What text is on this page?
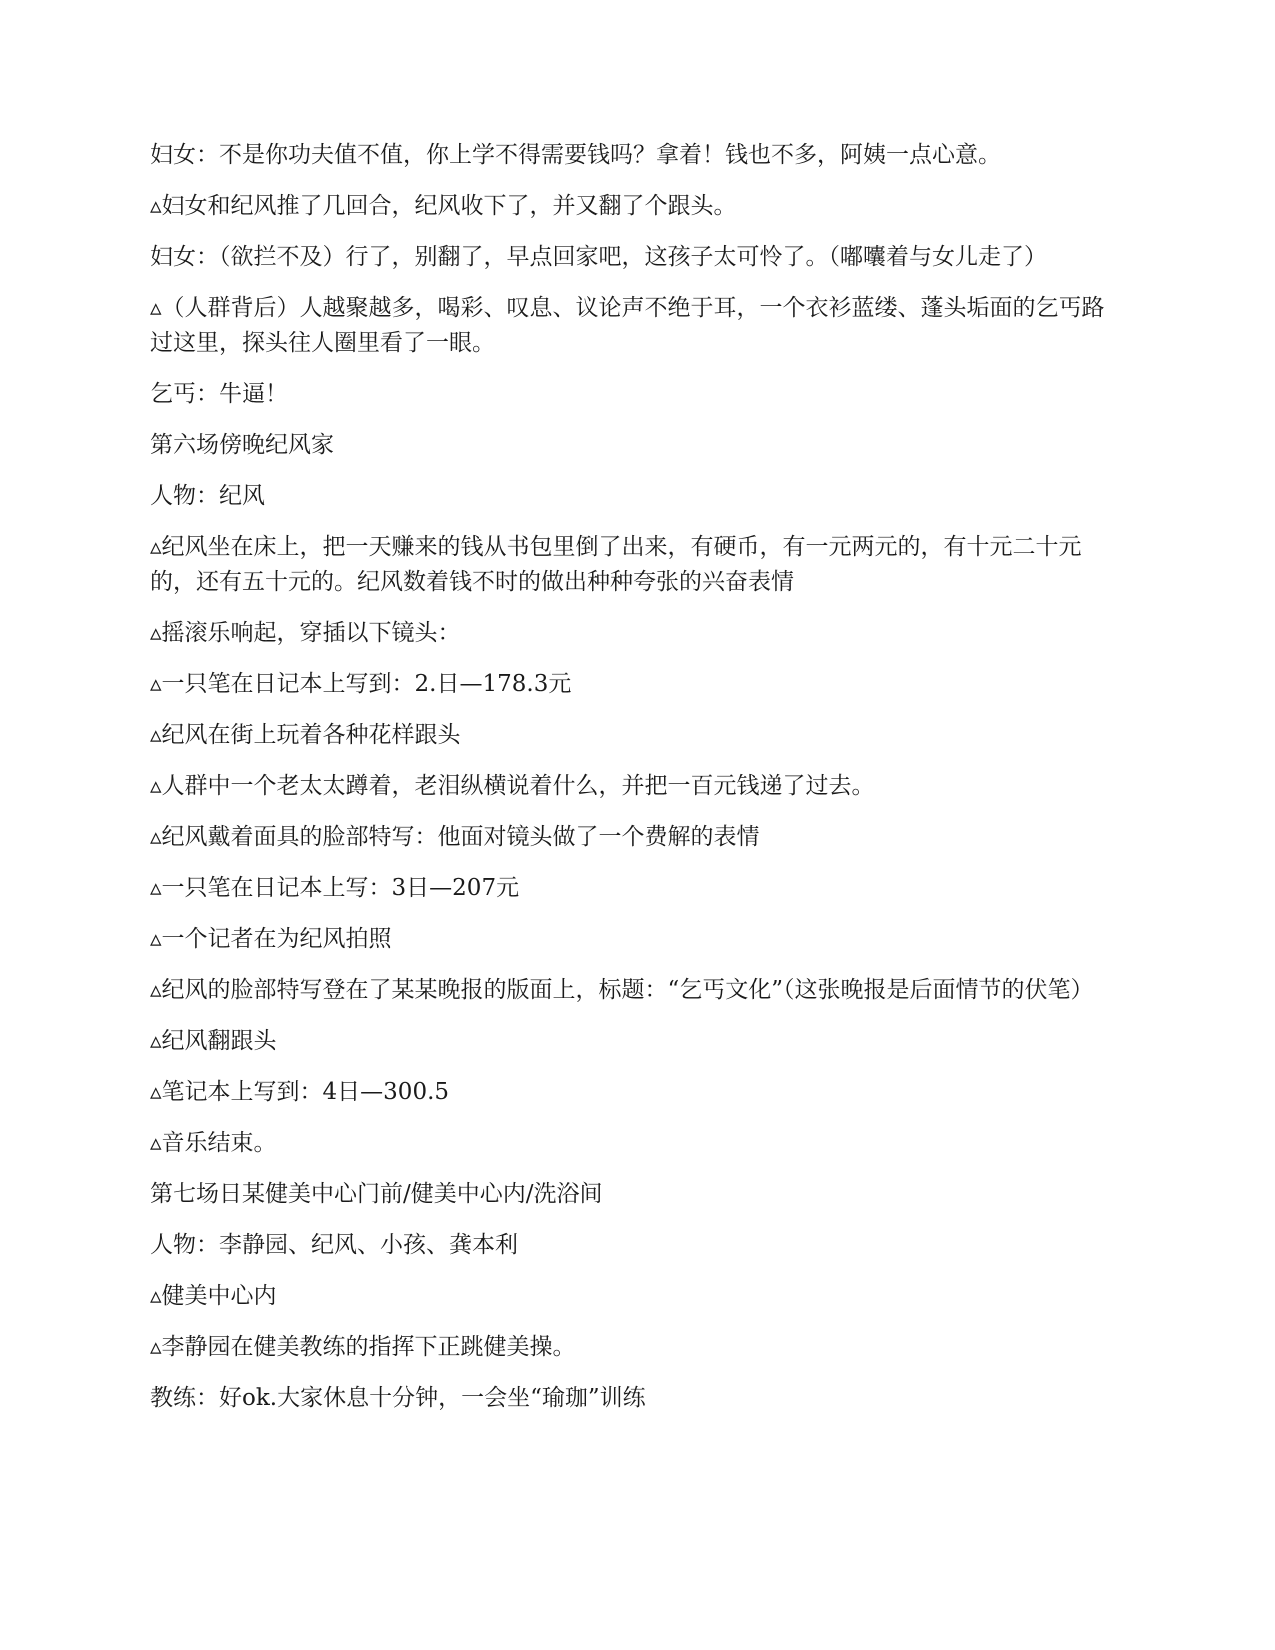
妇女：不是你功夫值不值，你上学不得需要钱吗？拿着！钱也不多，阿姨一点心意。

▵妇女和纪风推了几回合，纪风收下了，并又翻了个跟头。

妇女：（欲拦不及）行了，别翻了，早点回家吧，这孩子太可怜了。（嘟囔着与女儿走了）

▵（人群背后）人越聚越多，喝彩、叹息、议论声不绝于耳，一个衣衫蓝缕、蓬头垢面的乞丐路过这里，探头往人圈里看了一眼。

乞丐：牛逼！

第六场傍晚纪风家

人物：纪风

▵纪风坐在床上，把一天赚来的钱从书包里倒了出来，有硬币，有一元两元的，有十元二十元的，还有五十元的。纪风数着钱不时的做出种种夸张的兴奋表情

▵摇滚乐响起，穿插以下镜头：

▵一只笔在日记本上写到：2.日—178.3元

▵纪风在街上玩着各种花样跟头

▵人群中一个老太太蹲着，老泪纵横说着什么，并把一百元钱递了过去。

▵纪风戴着面具的脸部特写：他面对镜头做了一个费解的表情

▵一只笔在日记本上写：3日—207元

▵一个记者在为纪风拍照

▵纪风的脸部特写登在了某某晚报的版面上，标题：“乞丐文化”（这张晚报是后面情节的伏笔）

▵纪风翻跟头

▵笔记本上写到：4日—300.5

▵音乐结束。

第七场日某健美中心门前/健美中心内/洗浴间

人物：李静园、纪风、小孩、龚本利

▵健美中心内

▵李静园在健美教练的指挥下正跳健美操。

教练：好ok.大家休息十分钟，一会坐“瑜珈”训练
